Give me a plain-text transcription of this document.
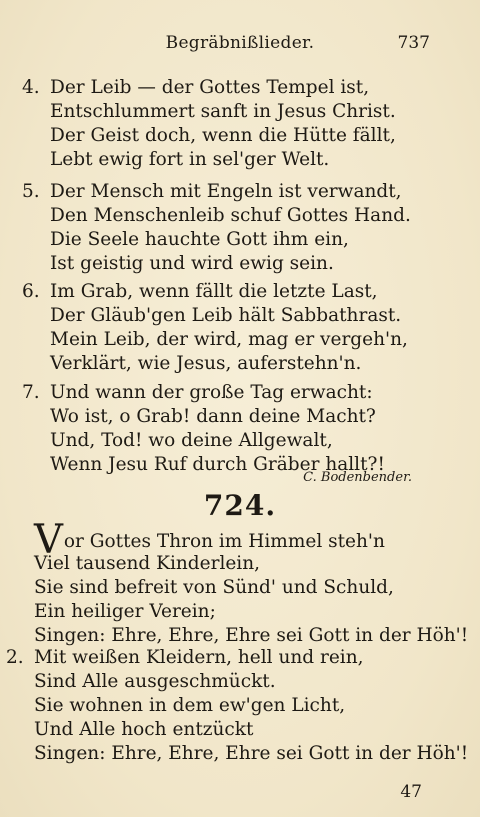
Begräbnißlieder.	737
4. Der Leib — der Gottes Tempel ist,
Entschlummert sanft in Jesus Christ.
Der Geist doch, wenn die Hütte fällt,
Lebt ewig fort in sel'ger Welt.
5. Der Mensch mit Engeln ist verwandt,
Den Menschenleib schuf Gottes Hand.
Die Seele hauchte Gott ihm ein,
Ist geistig und wird ewig sein.
6. Im Grab, wenn fällt die letzte Last,
Der Gläub'gen Leib hält Sabbathrast.
Mein Leib, der wird, mag er vergeh'n,
Verklärt, wie Jesus, auferstehn'n.
7. Und wann der große Tag erwacht:
Wo ist, o Grab! dann deine Macht?
Und, Tod! wo deine Allgewalt,
Wenn Jesu Ruf durch Gräber hallt?!
C. Bodenbender.
724.
Vor Gottes Thron im Himmel steh'n
Viel tausend Kinderlein,
Sie sind befreit von Sünd' und Schuld,
Ein heiliger Verein;
Singen: Ehre, Ehre, Ehre sei Gott in der Höh'!
2. Mit weißen Kleidern, hell und rein,
Sind Alle ausgeschmückt.
Sie wohnen in dem ew'gen Licht,
Und Alle hoch entzückt
Singen: Ehre, Ehre, Ehre sei Gott in der Höh'!
47
